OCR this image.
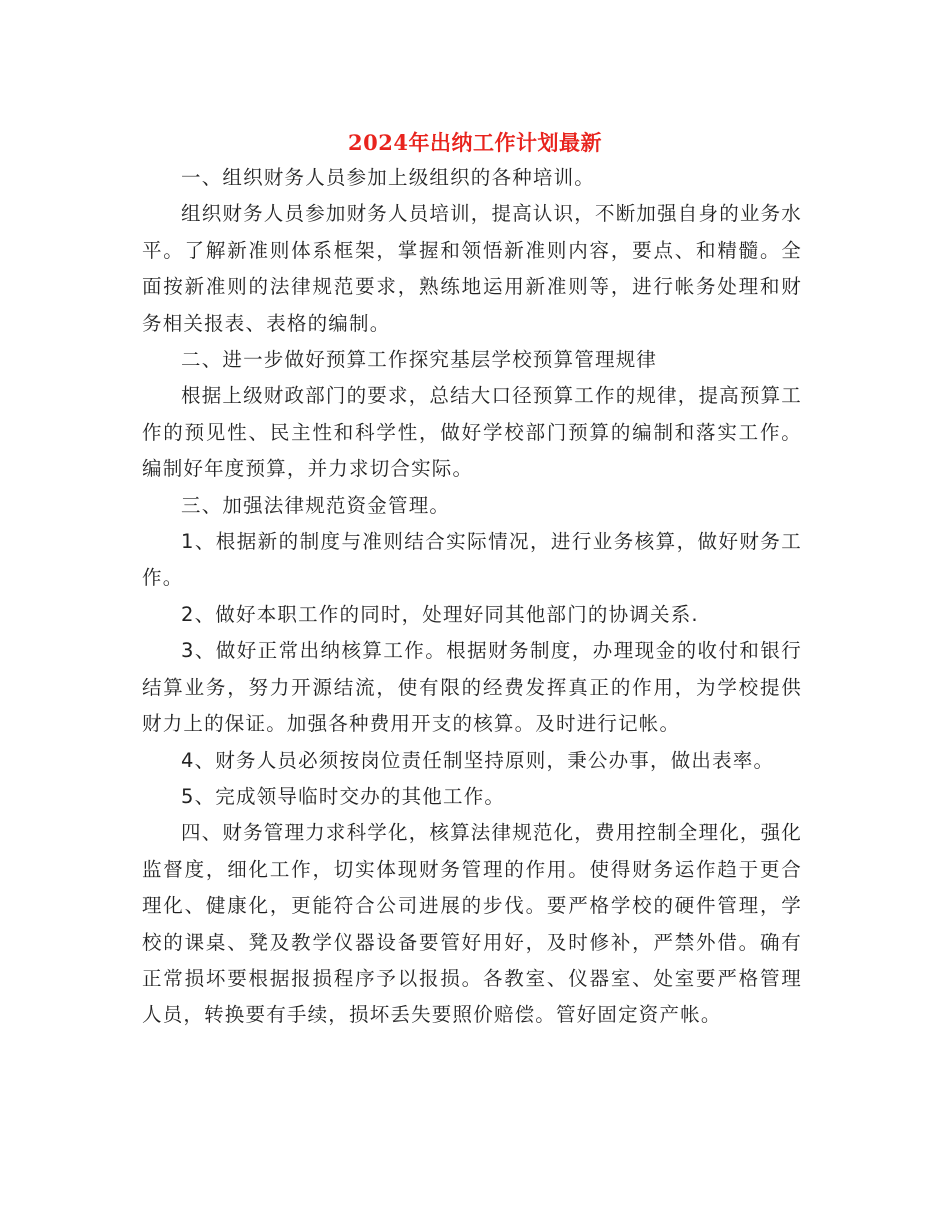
2024年出纳工作计划最新

一、组织财务人员参加上级组织的各种培训。

组织财务人员参加财务人员培训，提高认识，不断加强自身的业务水平。了解新准则体系框架，掌握和领悟新准则内容，要点、和精髓。全面按新准则的法律规范要求，熟练地运用新准则等，进行帐务处理和财务相关报表、表格的编制。

二、进一步做好预算工作探究基层学校预算管理规律

根据上级财政部门的要求，总结大口径预算工作的规律，提高预算工作的预见性、民主性和科学性，做好学校部门预算的编制和落实工作。编制好年度预算，并力求切合实际。

三、加强法律规范资金管理。

1、根据新的制度与准则结合实际情况，进行业务核算，做好财务工作。

2、做好本职工作的同时，处理好同其他部门的协调关系.

3、做好正常出纳核算工作。根据财务制度，办理现金的收付和银行结算业务，努力开源结流，使有限的经费发挥真正的作用，为学校提供财力上的保证。加强各种费用开支的核算。及时进行记帐。

4、财务人员必须按岗位责任制坚持原则，秉公办事，做出表率。

5、完成领导临时交办的其他工作。

四、财务管理力求科学化，核算法律规范化，费用控制全理化，强化监督度，细化工作，切实体现财务管理的作用。使得财务运作趋于更合理化、健康化，更能符合公司进展的步伐。要严格学校的硬件管理，学校的课桌、凳及教学仪器设备要管好用好，及时修补，严禁外借。确有正常损坏要根据报损程序予以报损。各教室、仪器室、处室要严格管理人员，转换要有手续，损坏丢失要照价赔偿。管好固定资产帐。
